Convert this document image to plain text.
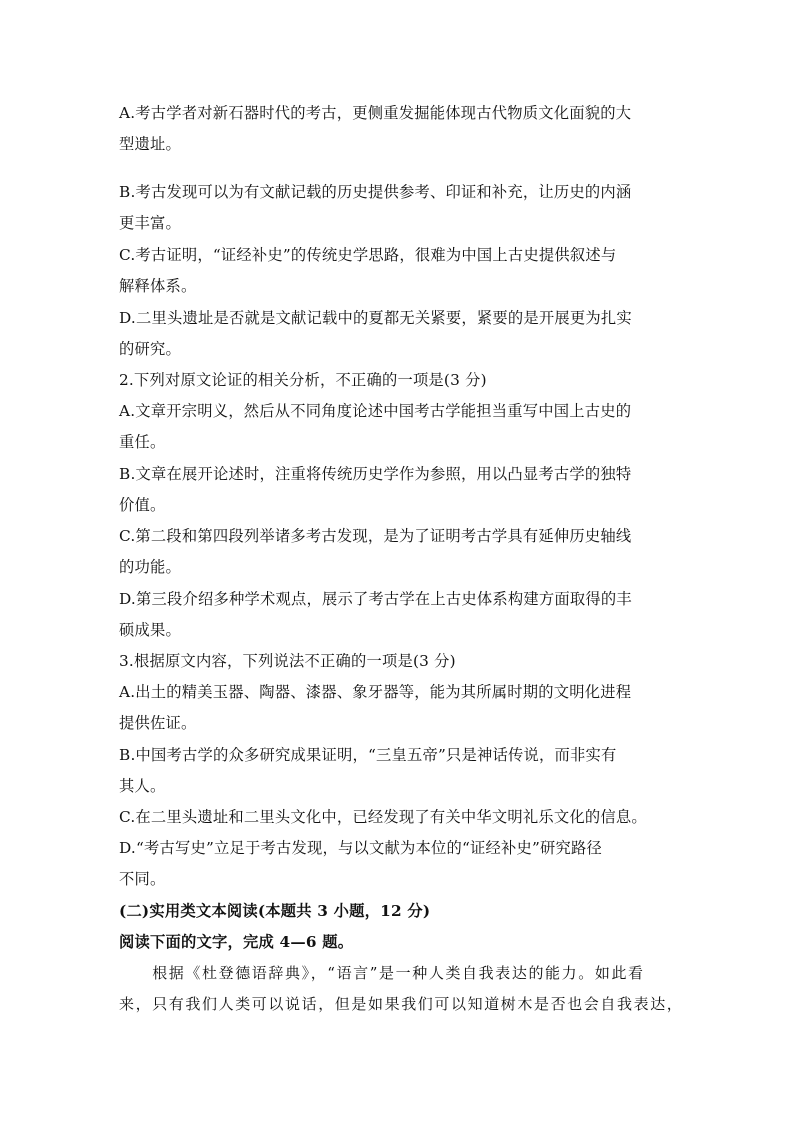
A.考古学者对新石器时代的考古，更侧重发掘能体现古代物质文化面貌的大
型遗址。
B.考古发现可以为有文献记载的历史提供参考、印证和补充，让历史的内涵
更丰富。
C.考古证明，“证经补史”的传统史学思路，很难为中国上古史提供叙述与
解释体系。
D.二里头遗址是否就是文献记载中的夏都无关紧要，紧要的是开展更为扎实
的研究。
2.下列对原文论证的相关分析，不正确的一项是(3 分)
A.文章开宗明义，然后从不同角度论述中国考古学能担当重写中国上古史的
重任。
B.文章在展开论述时，注重将传统历史学作为参照，用以凸显考古学的独特
价值。
C.第二段和第四段列举诸多考古发现，是为了证明考古学具有延伸历史轴线
的功能。
D.第三段介绍多种学术观点，展示了考古学在上古史体系构建方面取得的丰
硕成果。
3.根据原文内容，下列说法不正确的一项是(3 分)
A.出土的精美玉器、陶器、漆器、象牙器等，能为其所属时期的文明化进程
提供佐证。
B.中国考古学的众多研究成果证明，“三皇五帝”只是神话传说，而非实有
其人。
C.在二里头遗址和二里头文化中，已经发现了有关中华文明礼乐文化的信息。
D.“考古写史”立足于考古发现，与以文献为本位的“证经补史”研究路径
不同。
(二)实用类文本阅读(本题共 3 小题，12 分)
阅读下面的文字，完成 4—6 题。
　　根据《杜登德语辞典》，“语言”是一种人类自我表达的能力。如此看
来，只有我们人类可以说话，但是如果我们可以知道树木是否也会自我表达，
